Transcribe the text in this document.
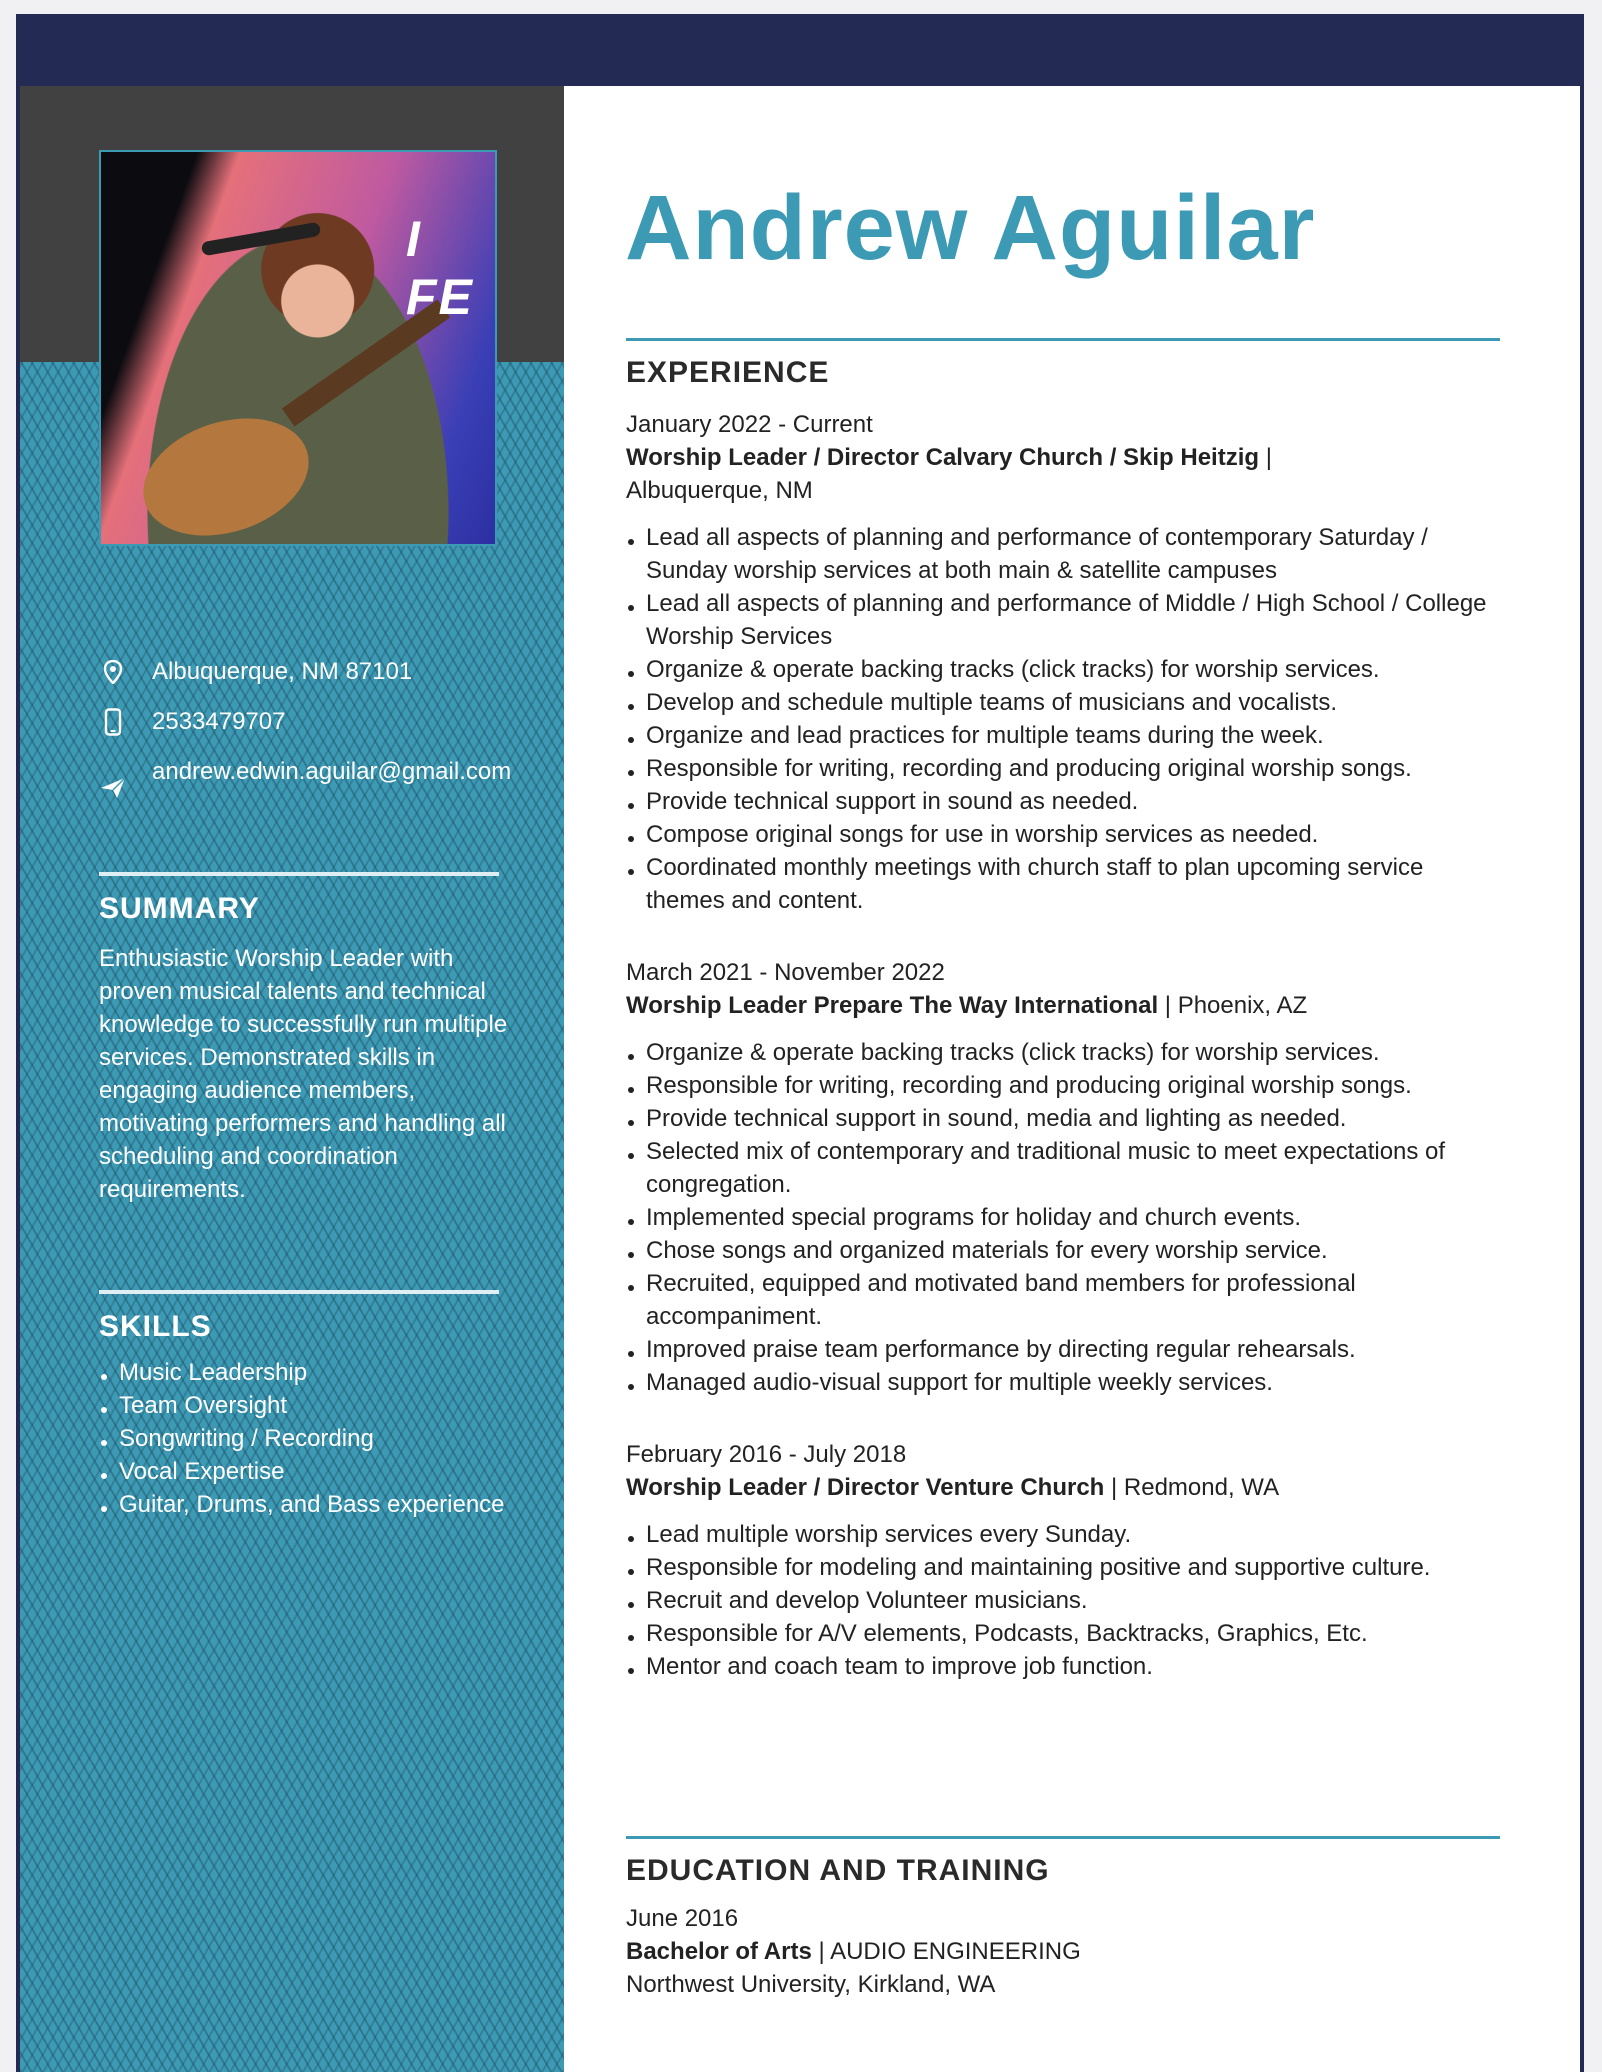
I FE
Albuquerque, NM 87101
2533479707
andrew.edwin.aguilar@gmail.com
SUMMARY
Enthusiastic Worship Leader with proven musical talents and technical knowledge to successfully run multiple services. Demonstrated skills in engaging audience members, motivating performers and handling all scheduling and coordination requirements.
SKILLS
Music Leadership
Team Oversight
Songwriting / Recording
Vocal Expertise
Guitar, Drums, and Bass experience
Andrew Aguilar
EXPERIENCE
January 2022 - Current
Worship Leader / Director Calvary Church / Skip Heitzig | Albuquerque, NM
Lead all aspects of planning and performance of contemporary Saturday / Sunday worship services at both main & satellite campuses
Lead all aspects of planning and performance of Middle / High School / College Worship Services
Organize & operate backing tracks (click tracks) for worship services.
Develop and schedule multiple teams of musicians and vocalists.
Organize and lead practices for multiple teams during the week.
Responsible for writing, recording and producing original worship songs.
Provide technical support in sound as needed.
Compose original songs for use in worship services as needed.
Coordinated monthly meetings with church staff to plan upcoming service themes and content.
March 2021 - November 2022
Worship Leader Prepare The Way International | Phoenix, AZ
Organize & operate backing tracks (click tracks) for worship services.
Responsible for writing, recording and producing original worship songs.
Provide technical support in sound, media and lighting as needed.
Selected mix of contemporary and traditional music to meet expectations of congregation.
Implemented special programs for holiday and church events.
Chose songs and organized materials for every worship service.
Recruited, equipped and motivated band members for professional accompaniment.
Improved praise team performance by directing regular rehearsals.
Managed audio-visual support for multiple weekly services.
February 2016 - July 2018
Worship Leader / Director Venture Church | Redmond, WA
Lead multiple worship services every Sunday.
Responsible for modeling and maintaining positive and supportive culture.
Recruit and develop Volunteer musicians.
Responsible for A/V elements, Podcasts, Backtracks, Graphics, Etc.
Mentor and coach team to improve job function.
EDUCATION AND TRAINING
June 2016
Bachelor of Arts | AUDIO ENGINEERING
Northwest University, Kirkland, WA
